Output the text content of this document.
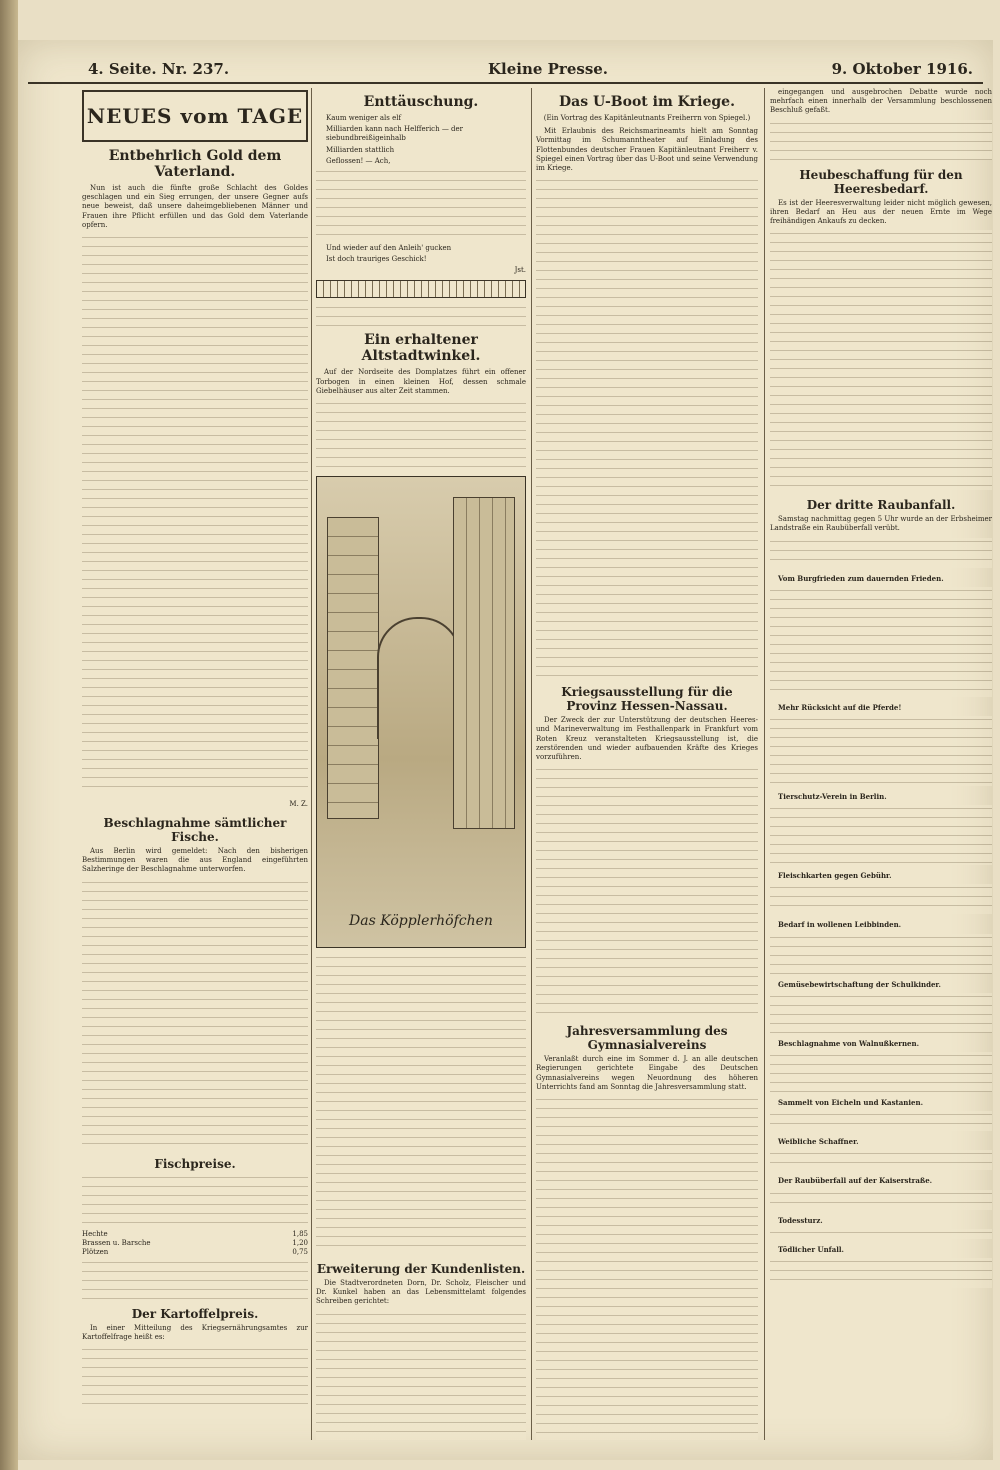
4. Seite. Nr. 237.	Kleine Presse.	9. Oktober 1916.
NEUES vom TAGE
Entbehrlich Gold dem Vaterland.

Nun ist auch die fünfte große Schlacht des Goldes geschlagen und ein Sieg errungen, der unsere Gegner aufs neue beweist, daß unsere daheimgebliebenen Männer und Frauen ihre Pflicht erfüllen und das Gold dem Vaterlande opfern.

M. Z.
Beschlagnahme sämtlicher Fische.

Aus Berlin wird gemeldet: Nach den bisherigen Bestimmungen waren die aus England eingeführten Salzheringe der Beschlagnahme unterworfen.

Fischpreise.
Hechte	1,85
Brassen u. Barsche	1,20
Plötzen	0,75
Der Kartoffelpreis.

In einer Mitteilung des Kriegsernährungsamtes zur Kartoffelfrage heißt es:

Enttäuschung.
Kaum weniger als elf
Milliarden kann nach Helfferich — der siebundbreißigeinhalb
Milliarden stattlich
Geflossen! — Ach,
Und wieder auf den Anleih' gucken
Ist doch trauriges Geschick!
Jst.
Ein erhaltener Altstadtwinkel.

Auf der Nordseite des Domplatzes führt ein offener Torbogen in einen kleinen Hof, dessen schmale Giebelhäuser aus alter Zeit stammen.

Das Köpplerhöfchen
Erweiterung der Kundenlisten.

Die Stadtverordneten Dorn, Dr. Scholz, Fleischer und Dr. Kunkel haben an das Lebensmittelamt folgendes Schreiben gerichtet:

Das U-Boot im Kriege.

(Ein Vortrag des Kapitänleutnants Freiherrn von Spiegel.)

Mit Erlaubnis des Reichsmarineamts hielt am Sonntag Vormittag im Schumanntheater auf Einladung des Flottenbundes deutscher Frauen Kapitänleutnant Freiherr v. Spiegel einen Vortrag über das U-Boot und seine Verwendung im Kriege.

Kriegsausstellung für die Provinz Hessen-Nassau.

Der Zweck der zur Unterstützung der deutschen Heeres- und Marineverwaltung im Festhallenpark in Frankfurt vom Roten Kreuz veranstalteten Kriegsausstellung ist, die zerstörenden und wieder aufbauenden Kräfte des Krieges vorzuführen.

Jahresversammlung des Gymnasialvereins

Veranlaßt durch eine im Sommer d. J. an alle deutschen Regierungen gerichtete Eingabe des Deutschen Gymnasialvereins wegen Neuordnung des höheren Unterrichts fand am Sonntag die Jahresversammlung statt.

eingegangen und ausgebrochen Debatte wurde noch mehrfach einen innerhalb der Versammlung beschlossenen Beschluß gefaßt.

Heubeschaffung für den Heeresbedarf.

Es ist der Heeresverwaltung leider nicht möglich gewesen, ihren Bedarf an Heu aus der neuen Ernte im Wege freihändigen Ankaufs zu decken.

Der dritte Raubanfall.

Samstag nachmittag gegen 5 Uhr wurde an der Erbsheimer Landstraße ein Raubüberfall verübt.

Vom Burgfrieden zum dauernden Frieden.

Mehr Rücksicht auf die Pferde!

Tierschutz-Verein in Berlin.

Fleischkarten gegen Gebühr.

Bedarf in wollenen Leibbinden.

Gemüsebewirtschaftung der Schulkinder.

Beschlagnahme von Walnußkernen.

Sammelt von Eicheln und Kastanien.

Weibliche Schaffner.

Der Raubüberfall auf der Kaiserstraße.

Todessturz.

Tödlicher Unfall.
